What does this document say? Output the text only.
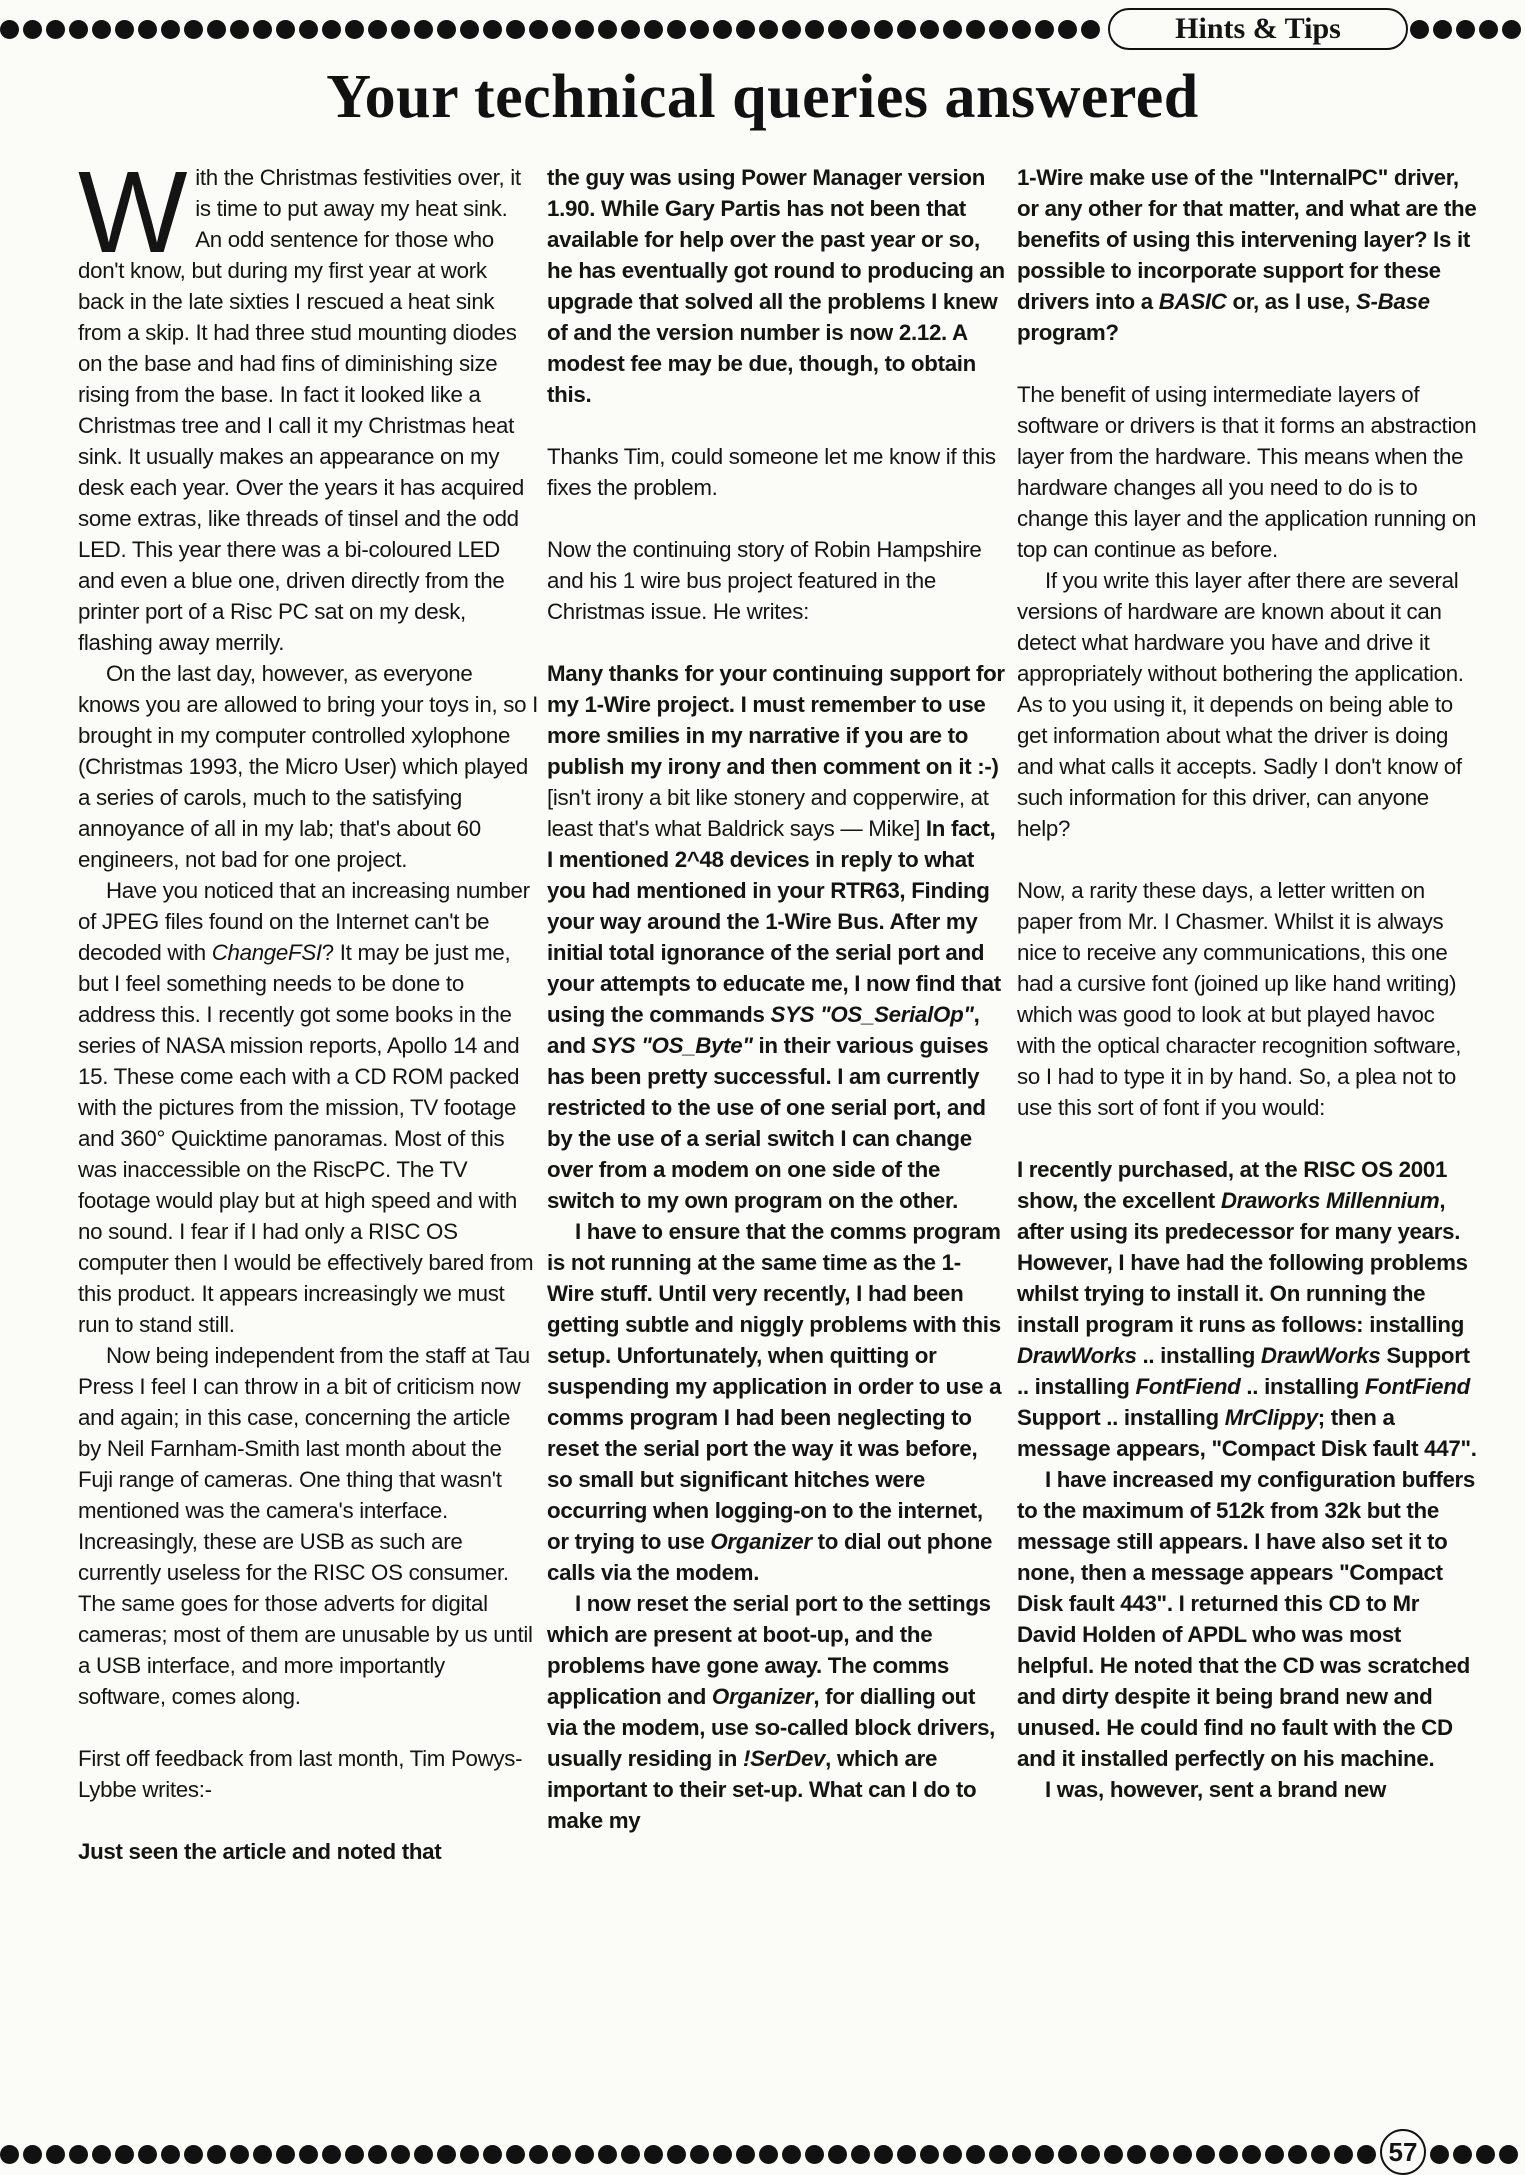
Hints & Tips
Your technical queries answered

With the Christmas festivities over, it is time to put away my heat sink. An odd sentence for those who don't know, but during my first year at work back in the late sixties I rescued a heat sink from a skip. It had three stud mounting diodes on the base and had fins of diminishing size rising from the base. In fact it looked like a Christmas tree and I call it my Christmas heat sink. It usually makes an appearance on my desk each year. Over the years it has acquired some extras, like threads of tinsel and the odd LED. This year there was a bi-coloured LED and even a blue one, driven directly from the printer port of a Risc PC sat on my desk, flashing away merrily.

On the last day, however, as everyone knows you are allowed to bring your toys in, so I brought in my computer controlled xylophone (Christmas 1993, the Micro User) which played a series of carols, much to the satisfying annoyance of all in my lab; that's about 60 engineers, not bad for one project.

Have you noticed that an increasing number of JPEG files found on the Internet can't be decoded with ChangeFSI? It may be just me, but I feel something needs to be done to address this. I recently got some books in the series of NASA mission reports, Apollo 14 and 15. These come each with a CD ROM packed with the pictures from the mission, TV footage and 360° Quicktime panoramas. Most of this was inaccessible on the RiscPC. The TV footage would play but at high speed and with no sound. I fear if I had only a RISC OS computer then I would be effectively bared from this product. It appears increasingly we must run to stand still.

Now being independent from the staff at Tau Press I feel I can throw in a bit of criticism now and again; in this case, concerning the article by Neil Farnham-Smith last month about the Fuji range of cameras. One thing that wasn't mentioned was the camera's interface. Increasingly, these are USB as such are currently useless for the RISC OS consumer. The same goes for those adverts for digital cameras; most of them are unusable by us until a USB interface, and more importantly software, comes along.

First off feedback from last month, Tim Powys-Lybbe writes:-

Just seen the article and noted that

the guy was using Power Manager version 1.90. While Gary Partis has not been that available for help over the past year or so, he has eventually got round to producing an upgrade that solved all the problems I knew of and the version number is now 2.12. A modest fee may be due, though, to obtain this.

Thanks Tim, could someone let me know if this fixes the problem.

Now the continuing story of Robin Hampshire and his 1 wire bus project featured in the Christmas issue. He writes:

Many thanks for your continuing support for my 1-Wire project. I must remember to use more smilies in my narrative if you are to publish my irony and then comment on it :-) [isn't irony a bit like stonery and copperwire, at least that's what Baldrick says — Mike] In fact, I mentioned 2^48 devices in reply to what you had mentioned in your RTR63, Finding your way around the 1-Wire Bus. After my initial total ignorance of the serial port and your attempts to educate me, I now find that using the commands SYS "OS_SerialOp", and SYS "OS_Byte" in their various guises has been pretty successful. I am currently restricted to the use of one serial port, and by the use of a serial switch I can change over from a modem on one side of the switch to my own program on the other.

I have to ensure that the comms program is not running at the same time as the 1-Wire stuff. Until very recently, I had been getting subtle and niggly problems with this setup. Unfortunately, when quitting or suspending my application in order to use a comms program I had been neglecting to reset the serial port the way it was before, so small but significant hitches were occurring when logging-on to the internet, or trying to use Organizer to dial out phone calls via the modem.

I now reset the serial port to the settings which are present at boot-up, and the problems have gone away. The comms application and Organizer, for dialling out via the modem, use so-called block drivers, usually residing in !SerDev, which are important to their set-up. What can I do to make my

1-Wire make use of the "InternalPC" driver, or any other for that matter, and what are the benefits of using this intervening layer? Is it possible to incorporate support for these drivers into a BASIC or, as I use, S-Base program?

The benefit of using intermediate layers of software or drivers is that it forms an abstraction layer from the hardware. This means when the hardware changes all you need to do is to change this layer and the application running on top can continue as before.

If you write this layer after there are several versions of hardware are known about it can detect what hardware you have and drive it appropriately without bothering the application. As to you using it, it depends on being able to get information about what the driver is doing and what calls it accepts. Sadly I don't know of such information for this driver, can anyone help?

Now, a rarity these days, a letter written on paper from Mr. I Chasmer. Whilst it is always nice to receive any communications, this one had a cursive font (joined up like hand writing) which was good to look at but played havoc with the optical character recognition software, so I had to type it in by hand. So, a plea not to use this sort of font if you would:

I recently purchased, at the RISC OS 2001 show, the excellent Draworks Millennium, after using its predecessor for many years. However, I have had the following problems whilst trying to install it. On running the install program it runs as follows: installing DrawWorks .. installing DrawWorks Support .. installing FontFiend .. installing FontFiend Support .. installing MrClippy; then a message appears, "Compact Disk fault 447".

I have increased my configuration buffers to the maximum of 512k from 32k but the message still appears. I have also set it to none, then a message appears "Compact Disk fault 443". I returned this CD to Mr David Holden of APDL who was most helpful. He noted that the CD was scratched and dirty despite it being brand new and unused. He could find no fault with the CD and it installed perfectly on his machine.

I was, however, sent a brand new

57
